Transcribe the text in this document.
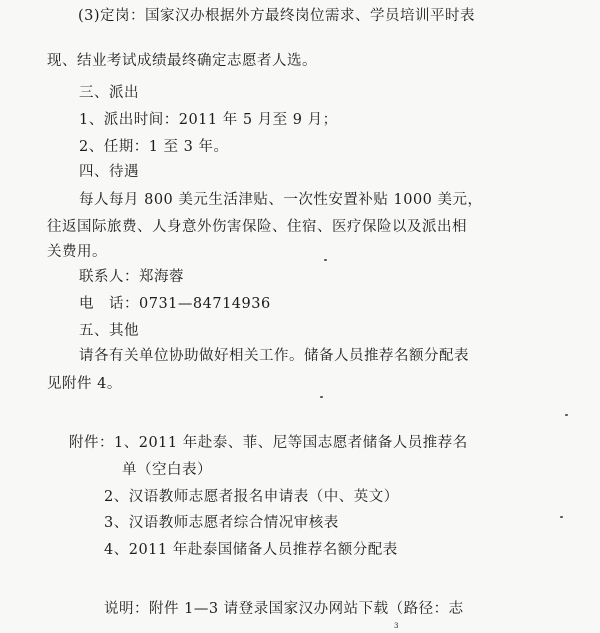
(3)定岗：国家汉办根据外方最终岗位需求、学员培训平时表
现、结业考试成绩最终确定志愿者人选。
三、派出
1、派出时间：2011 年 5 月至 9 月；
2、任期：1 至 3 年。
四、待遇
每人每月 800 美元生活津贴、一次性安置补贴 1000 美元，
往返国际旅费、人身意外伤害保险、住宿、医疗保险以及派出相
关费用。
联系人：郑海蓉
电　话：0731—84714936
五、其他
请各有关单位协助做好相关工作。储备人员推荐名额分配表
见附件 4。
附件：1、2011 年赴泰、菲、尼等国志愿者储备人员推荐名
单（空白表）
2、汉语教师志愿者报名申请表（中、英文）
3、汉语教师志愿者综合情况审核表
4、2011 年赴泰国储备人员推荐名额分配表
说明：附件 1—3 请登录国家汉办网站下载（路径：志
3
